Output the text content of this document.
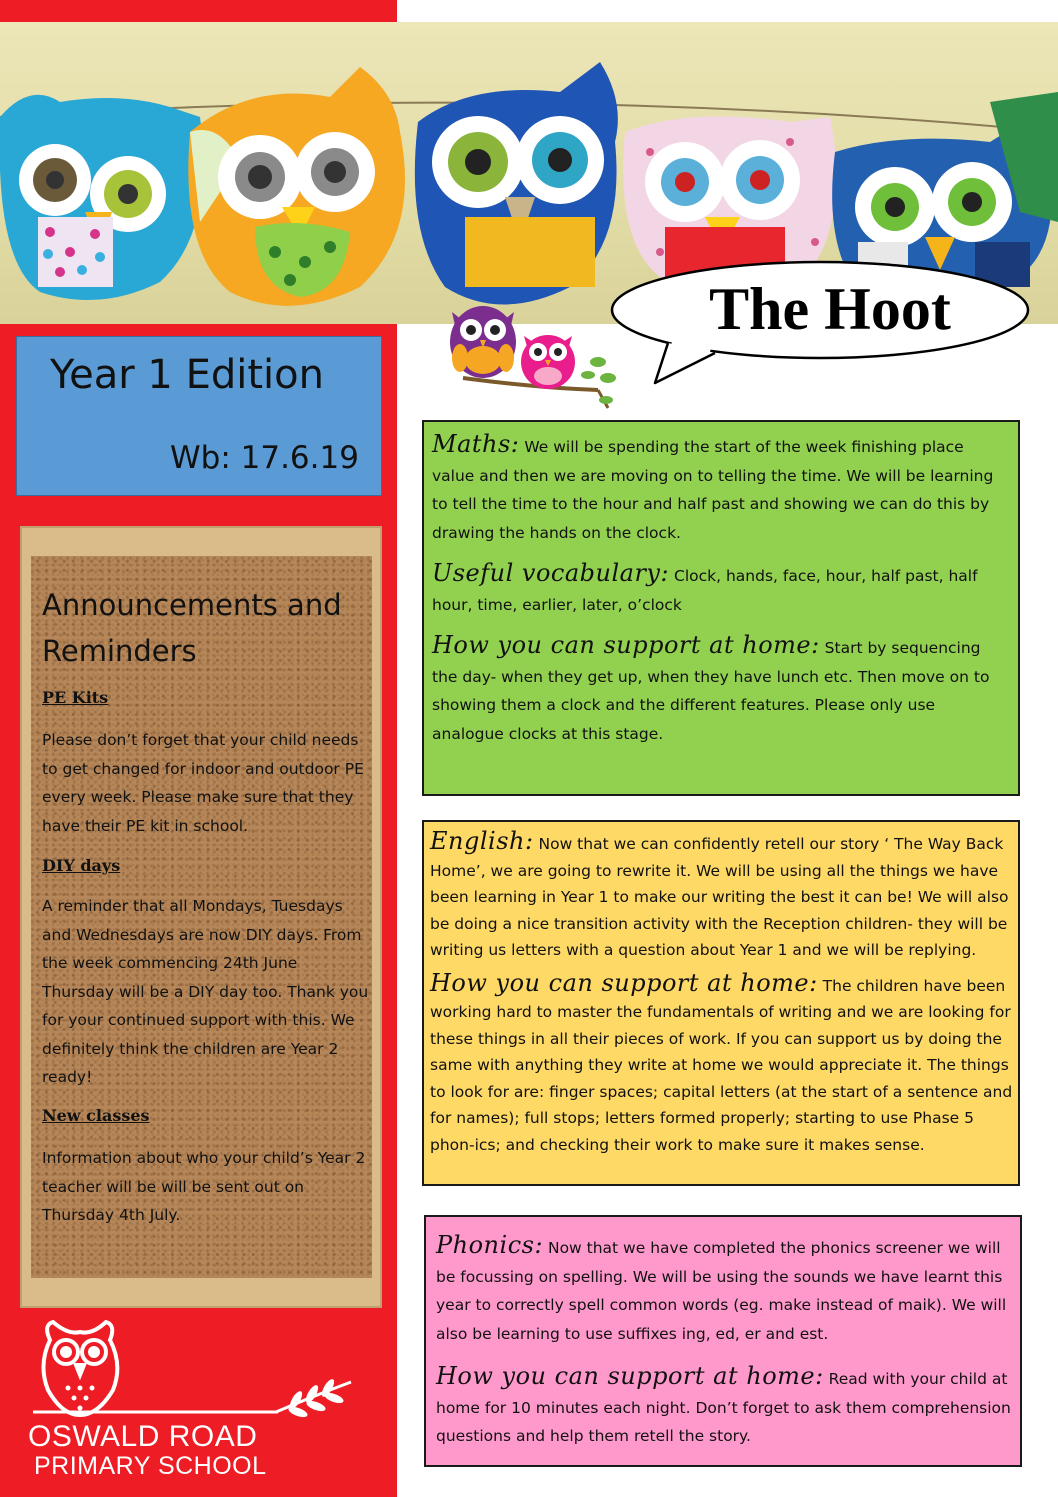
The Hoot
Year 1 Edition
Wb: 17.6.19
Announcements and Reminders
PE Kits
Please don’t forget that your child needs to get changed for indoor and outdoor PE every week. Please make sure that they have their PE kit in school.
DIY days
A reminder that all Mondays, Tuesdays and Wednesdays are now DIY days. From the week commencing 24th June Thursday will be a DIY day too. Thank you for your continued support with this. We definitely think the children are Year 2 ready!
New classes
Information about who your child’s Year 2 teacher will be will be sent out on Thursday 4th July.
OSWALD ROAD
PRIMARY SCHOOL
Maths: We will be spending the start of the week finishing place value and then we are moving on to telling the time. We will be learning to tell the time to the hour and half past and showing we can do this by drawing the hands on the clock.
Useful vocabulary: Clock, hands, face, hour, half past, half hour, time, earlier, later, o’clock
How you can support at home: Start by sequencing the day- when they get up, when they have lunch etc. Then move on to showing them a clock and the different features. Please only use analogue clocks at this stage.
English: Now that we can confidently retell our story ‘ The Way Back Home’, we are going to rewrite it. We will be using all the things we have been learning in Year 1 to make our writing the best it can be! We will also be doing a nice transition activity with the Reception children- they will be writing us letters with a question about Year 1 and we will be replying.
How you can support at home: The children have been working hard to master the fundamentals of writing and we are looking for these things in all their pieces of work. If you can support us by doing the same with anything they write at home we would appreciate it. The things to look for are: finger spaces; capital letters (at the start of a sentence and for names); full stops; letters formed properly; starting to use Phase 5 phon-ics; and checking their work to make sure it makes sense.
Phonics: Now that we have completed the phonics screener we will be focussing on spelling. We will be using the sounds we have learnt this year to correctly spell common words (eg. make instead of maik). We will also be learning to use suffixes ing, ed, er and est.
How you can support at home: Read with your child at home for 10 minutes each night. Don’t forget to ask them comprehension questions and help them retell the story.
